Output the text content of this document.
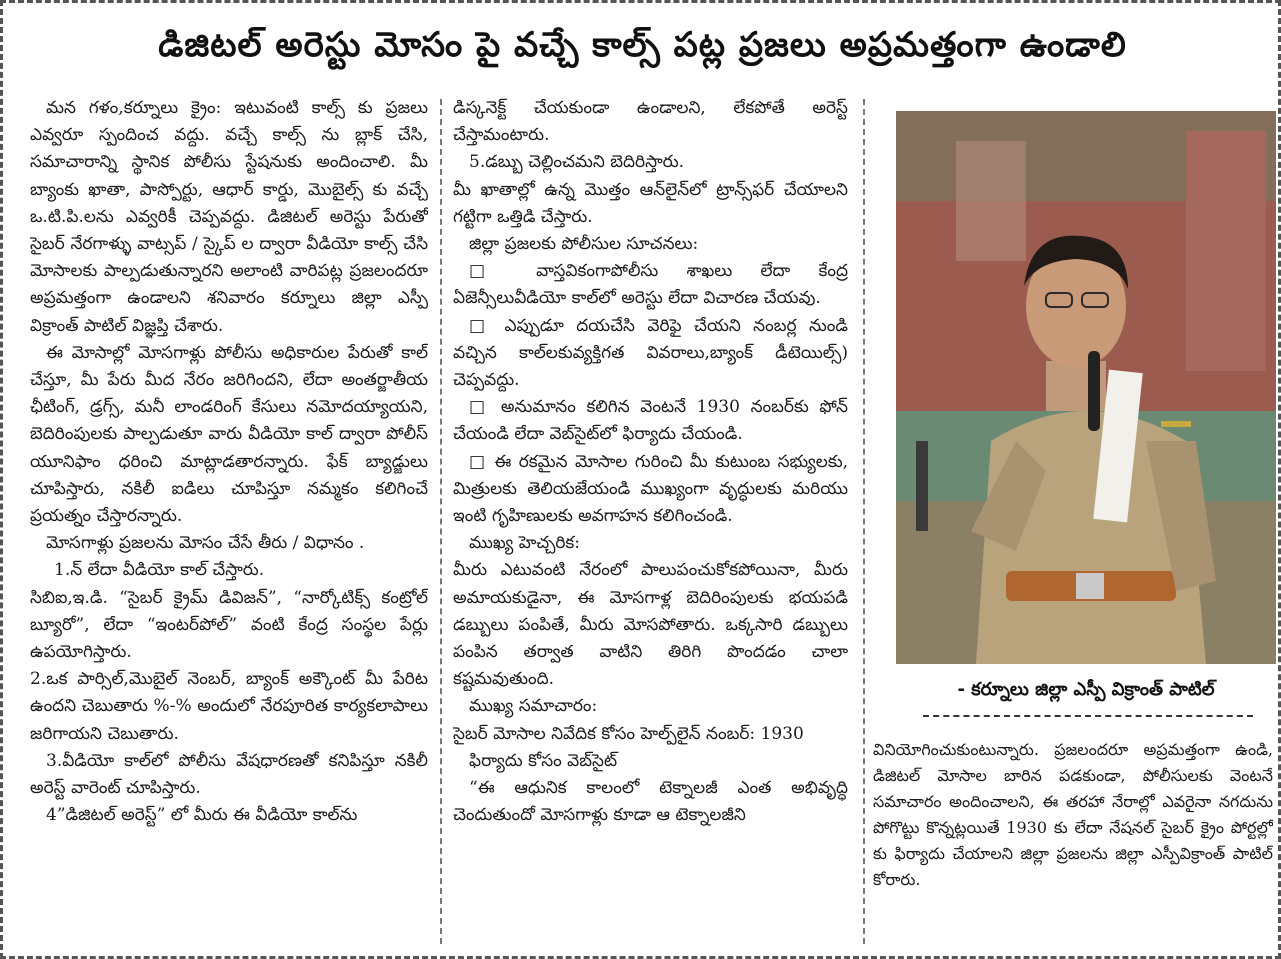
డిజిటల్ అరెస్టు మోసం పై వచ్చే కాల్స్ పట్ల ప్రజలు అప్రమత్తంగా ఉండాలి

మన గళం,కర్నూలు క్రైం: ఇటువంటి కాల్స్ కు ప్రజలు ఎవ్వరూ స్పందించ వద్దు. వచ్చే కాల్స్ ను బ్లాక్ చేసి, సమాచారాన్ని స్థానిక పోలీసు స్టేషనుకు అందించాలి. మీ బ్యాంకు ఖాతా, పాస్పోర్టు, ఆధార్ కార్డు, మొబైల్స్ కు వచ్చే ఒ.టి.పి.లను ఎవ్వరికీ చెప్పవద్దు. డిజిటల్ అరెస్టు పేరుతో సైబర్ నేరగాళ్ళు వాట్సప్ / స్కైప్ ల ద్వారా వీడియో కాల్స్ చేసి మోసాలకు పాల్పడుతున్నారని అలాంటి వారిపట్ల ప్రజలందరూ అప్రమత్తంగా ఉండాలని శనివారం కర్నూలు జిల్లా ఎస్పీ విక్రాంత్ పాటిల్ విజ్ఞప్తి చేశారు.

ఈ మోసాల్లో మోసగాళ్లు పోలీసు అధికారుల పేరుతో కాల్ చేస్తూ, మీ పేరు మీద నేరం జరిగిందని, లేదా అంతర్జాతీయ ఛీటింగ్, డ్రగ్స్, మనీ లాండరింగ్ కేసులు నమోదయ్యాయని, బెదిరింపులకు పాల్పడుతూ వారు వీడియో కాల్ ద్వారా పోలీస్ యూనిఫాం ధరించి మాట్లాడతారన్నారు. ఫేక్ బ్యాడ్జులు చూపిస్తారు, నకిలీ ఐడిలు చూపిస్తూ నమ్మకం కలిగించే ప్రయత్నం చేస్తారన్నారు.

మోసగాళ్లు ప్రజలను మోసం చేసే తీరు / విధానం .

1.న్ లేదా వీడియో కాల్ చేస్తారు.

సిబిఐ,ఇ.డి. “సైబర్ క్రైమ్ డివిజన్”, “నార్కోటిక్స్ కంట్రోల్ బ్యూరో”, లేదా “ఇంటర్‌పోల్” వంటి కేంద్ర సంస్థల పేర్లు ఉపయోగిస్తారు.

2.ఒక పార్సిల్,మొబైల్ నెంబర్, బ్యాంక్ అక్కౌంట్ మీ పేరిట ఉందని చెబుతారు %-% అందులో నేరపూరిత కార్యకలాపాలు జరిగాయని చెబుతారు.

3.వీడియో కాల్‌లో పోలీసు వేషధారణతో కనిపిస్తూ నకిలీ అరెస్ట్ వారెంట్ చూపిస్తారు.

4”డిజిటల్ అరెస్ట్” లో మీరు ఈ వీడియో కాల్‌ను

డిస్కనెక్ట్ చేయకుండా ఉండాలని, లేకపోతే అరెస్ట్ చేస్తామంటారు.

5.డబ్బు చెల్లించమని బెదిరిస్తారు.

మీ ఖాతాల్లో ఉన్న మొత్తం ఆన్‌లైన్‌లో ట్రాన్స్‌ఫర్ చేయాలని గట్టిగా ఒత్తిడి చేస్తారు.

జిల్లా ప్రజలకు పోలీసుల సూచనలు:

□ వాస్తవికంగాపోలీసు శాఖలు లేదా కేంద్ర ఏజెన్సీలువీడియో కాల్‌లో అరెస్టు లేదా విచారణ చేయవు.

□ ఎప్పుడూ దయచేసి వెరిఫై చేయని నంబర్ల నుండి వచ్చిన కాల్‌లకువ్యక్తిగత వివరాలు,బ్యాంక్ డీటెయిల్స్) చెప్పవద్దు.

□ అనుమానం కలిగిన వెంటనే 1930 నంబర్‌కు ఫోన్ చేయండి లేదా వెబ్‌సైట్‌లో ఫిర్యాదు చేయండి.

□ ఈ రకమైన మోసాల గురించి మీ కుటుంబ సభ్యులకు, మిత్రులకు తెలియజేయండి ముఖ్యంగా వృద్ధులకు మరియు ఇంటి గృహిణులకు అవగాహన కలిగించండి.

ముఖ్య హెచ్చరిక:

మీరు ఎటువంటి నేరంలో పాలుపంచుకోకపోయినా, మీరు అమాయకుడైనా, ఈ మోసగాళ్ల బెదిరింపులకు భయపడి డబ్బులు పంపితే, మీరు మోసపోతారు. ఒక్కసారి డబ్బులు పంపిన తర్వాత వాటిని తిరిగి పొందడం చాలా కష్టమవుతుంది.

ముఖ్య సమాచారం:

సైబర్ మోసాల నివేదిక కోసం హెల్ప్‌లైన్ నంబర్: 1930

ఫిర్యాదు కోసం వెబ్‌సైట్

“ఈ ఆధునిక కాలంలో టెక్నాలజీ ఎంత అభివృద్ధి చెందుతుందో మోసగాళ్లు కూడా ఆ టెక్నాలజీని

- కర్నూలు జిల్లా ఎస్పీ విక్రాంత్ పాటిల్

వినియోగించుకుంటున్నారు. ప్రజలందరూ అప్రమత్తంగా ఉండి, డిజిటల్ మోసాల బారిన పడకుండా, పోలీసులకు వెంటనే సమాచారం అందించాలని, ఈ తరహా నేరాల్లో ఎవరైనా నగదును పోగొట్టు కొన్నట్లయితే 1930 కు లేదా నేషనల్ సైబర్ క్రైం పోర్టల్లో కు ఫిర్యాదు చేయాలని జిల్లా ప్రజలను జిల్లా ఎస్పీవిక్రాంత్ పాటిల్ కోరారు.
